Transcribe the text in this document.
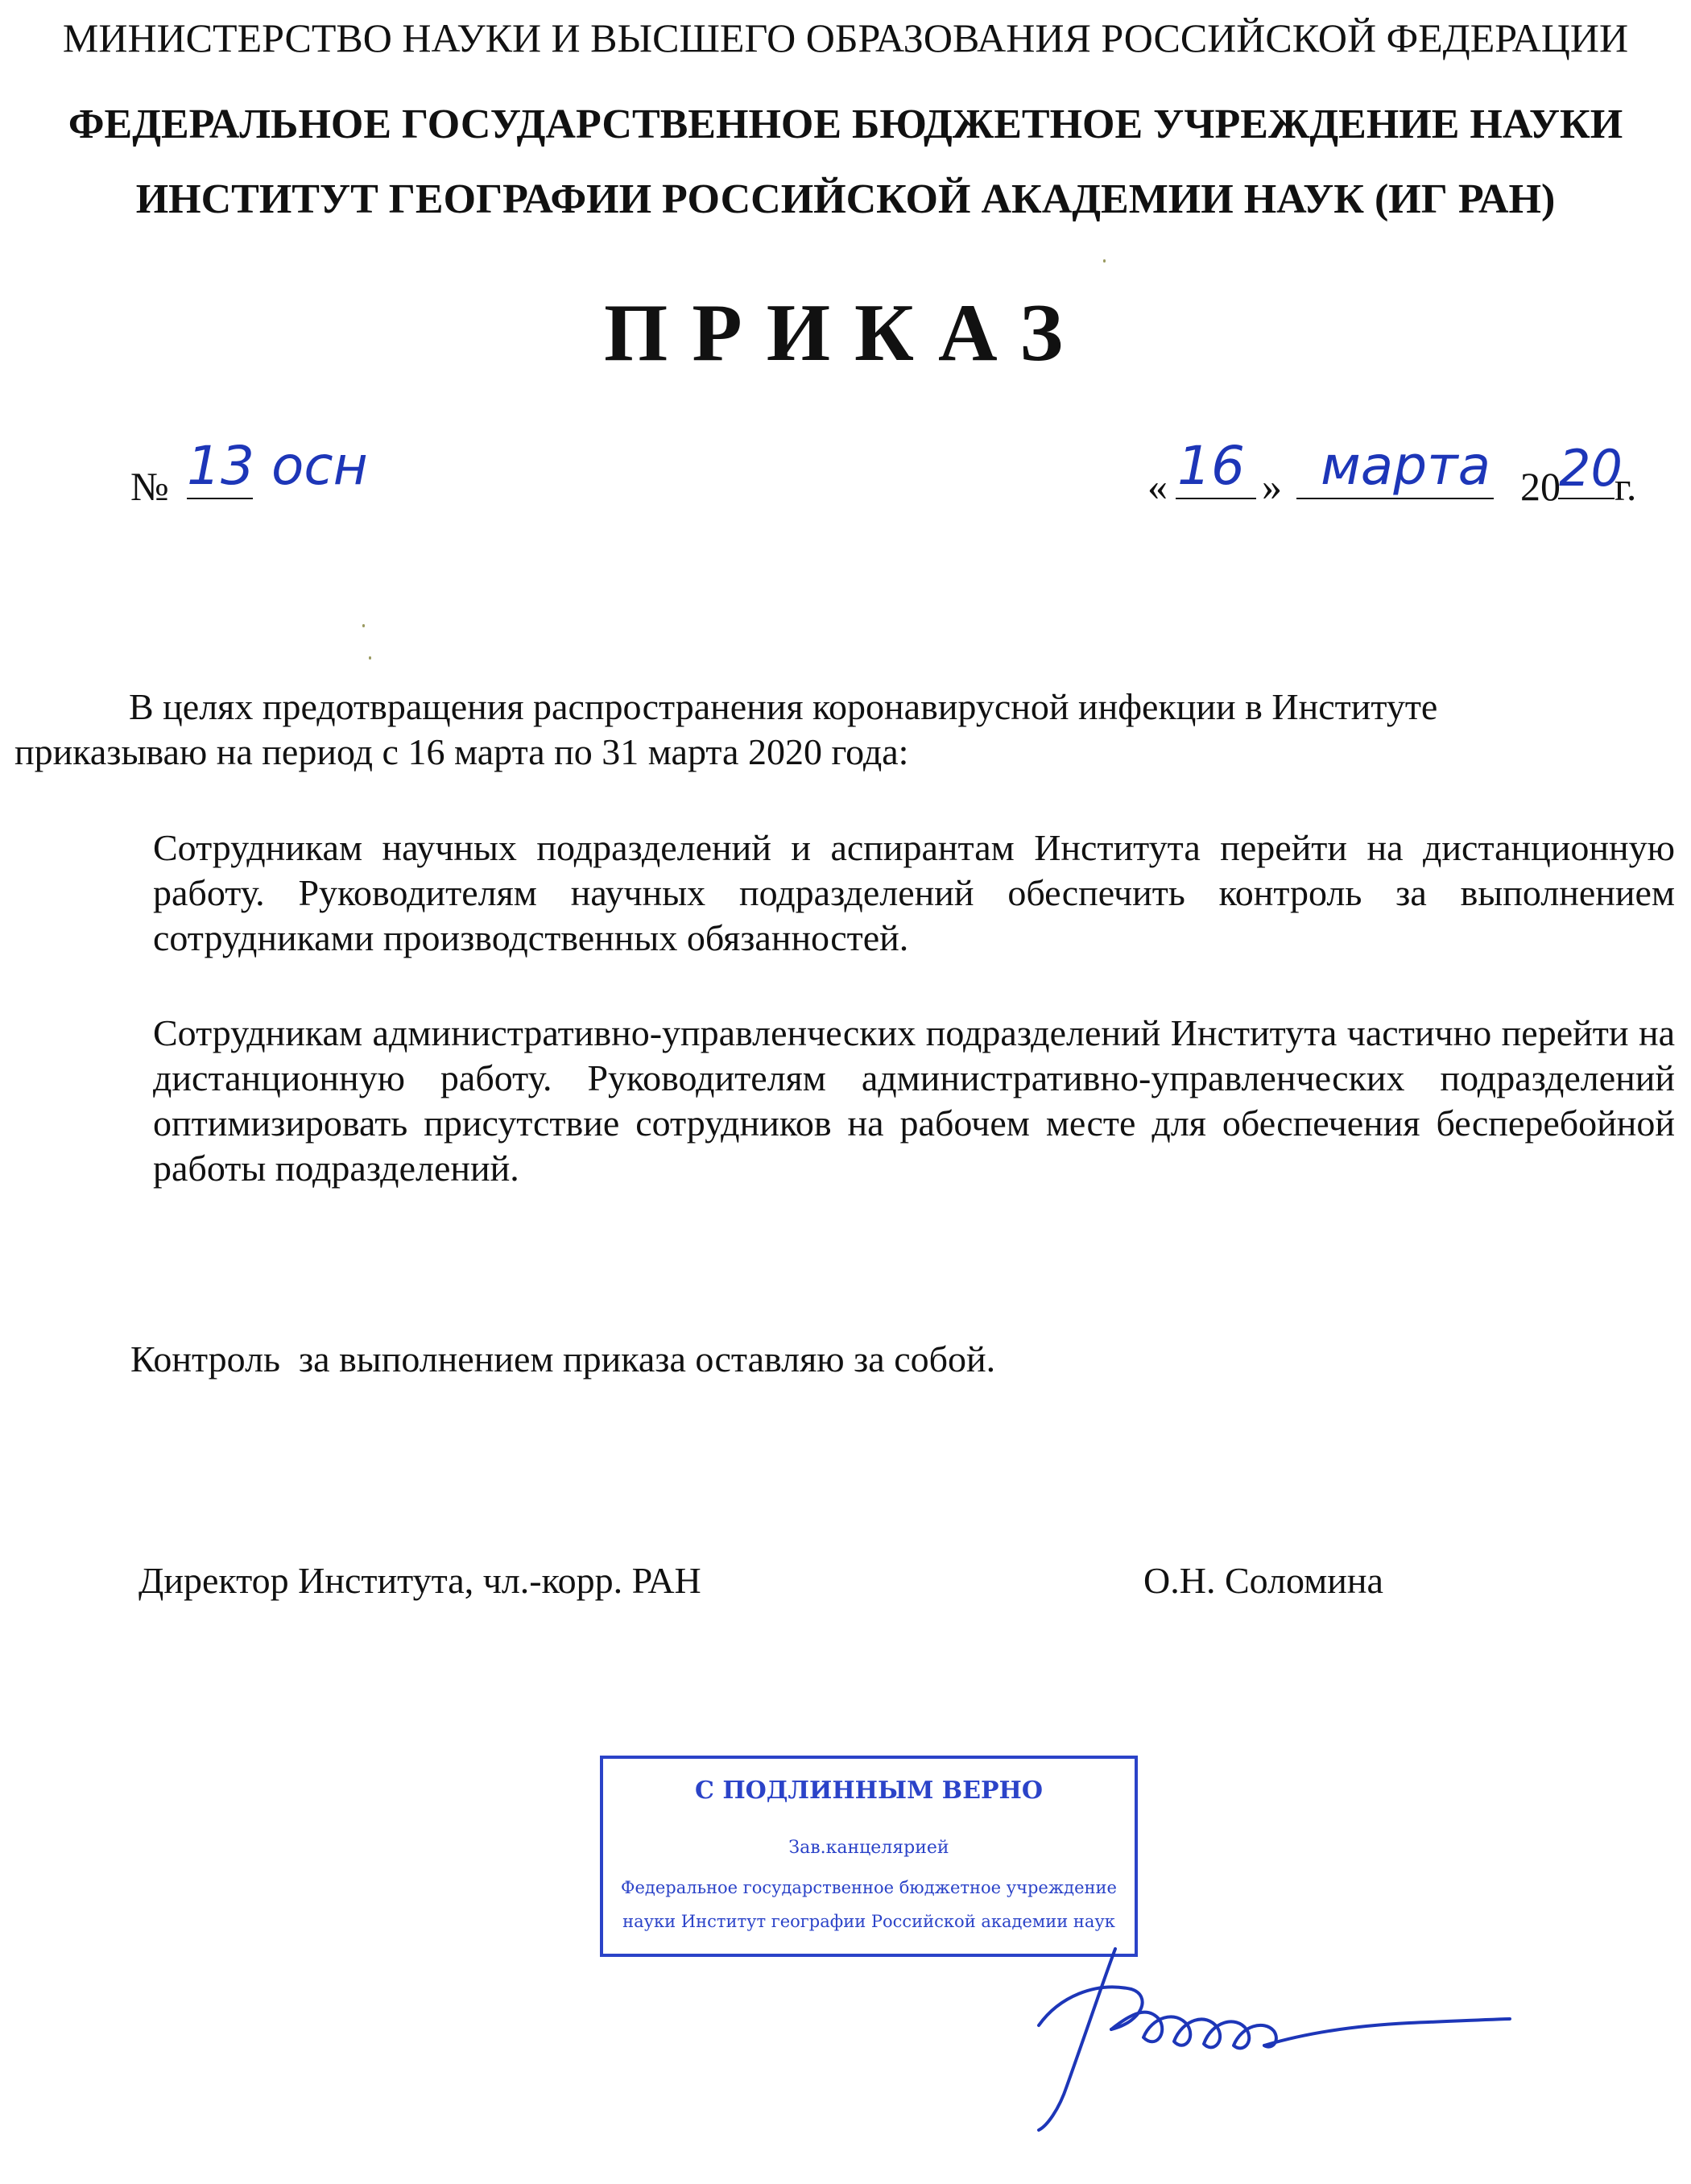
МИНИСТЕРСТВО НАУКИ И ВЫСШЕГО ОБРАЗОВАНИЯ РОССИЙСКОЙ ФЕДЕРАЦИИ
ФЕДЕРАЛЬНОЕ ГОСУДАРСТВЕННОЕ БЮДЖЕТНОЕ УЧРЕЖДЕНИЕ НАУКИ
ИНСТИТУТ ГЕОГРАФИИ РОССИЙСКОЙ АКАДЕМИИ НАУК (ИГ РАН)
ПРИКАЗ
№ 13 осн	« 16 » марта 20
20
г.
В целях предотвращения распространения коронавирусной инфекции в Институте
приказываю на период с 16 марта по 31 марта 2020 года:
Сотрудникам научных подразделений и аспирантам Института перейти на дистанционную работу. Руководителям научных подразделений обеспечить контроль за выполнением сотрудниками производственных обязанностей.
Сотрудникам административно-управленческих подразделений Института частично перейти на дистанционную работу. Руководителям административно-управленческих подразделений оптимизировать присутствие сотрудников на рабочем месте для обеспечения бесперебойной работы подразделений.
Контроль  за выполнением приказа оставляю за собой.
Директор Института, чл.-корр. РАН	О.Н. Соломина
С ПОДЛИННЫМ ВЕРНО
Зав.канцелярией
Федеральное государственное бюджетное учреждение
науки Институт географии Российской академии наук
